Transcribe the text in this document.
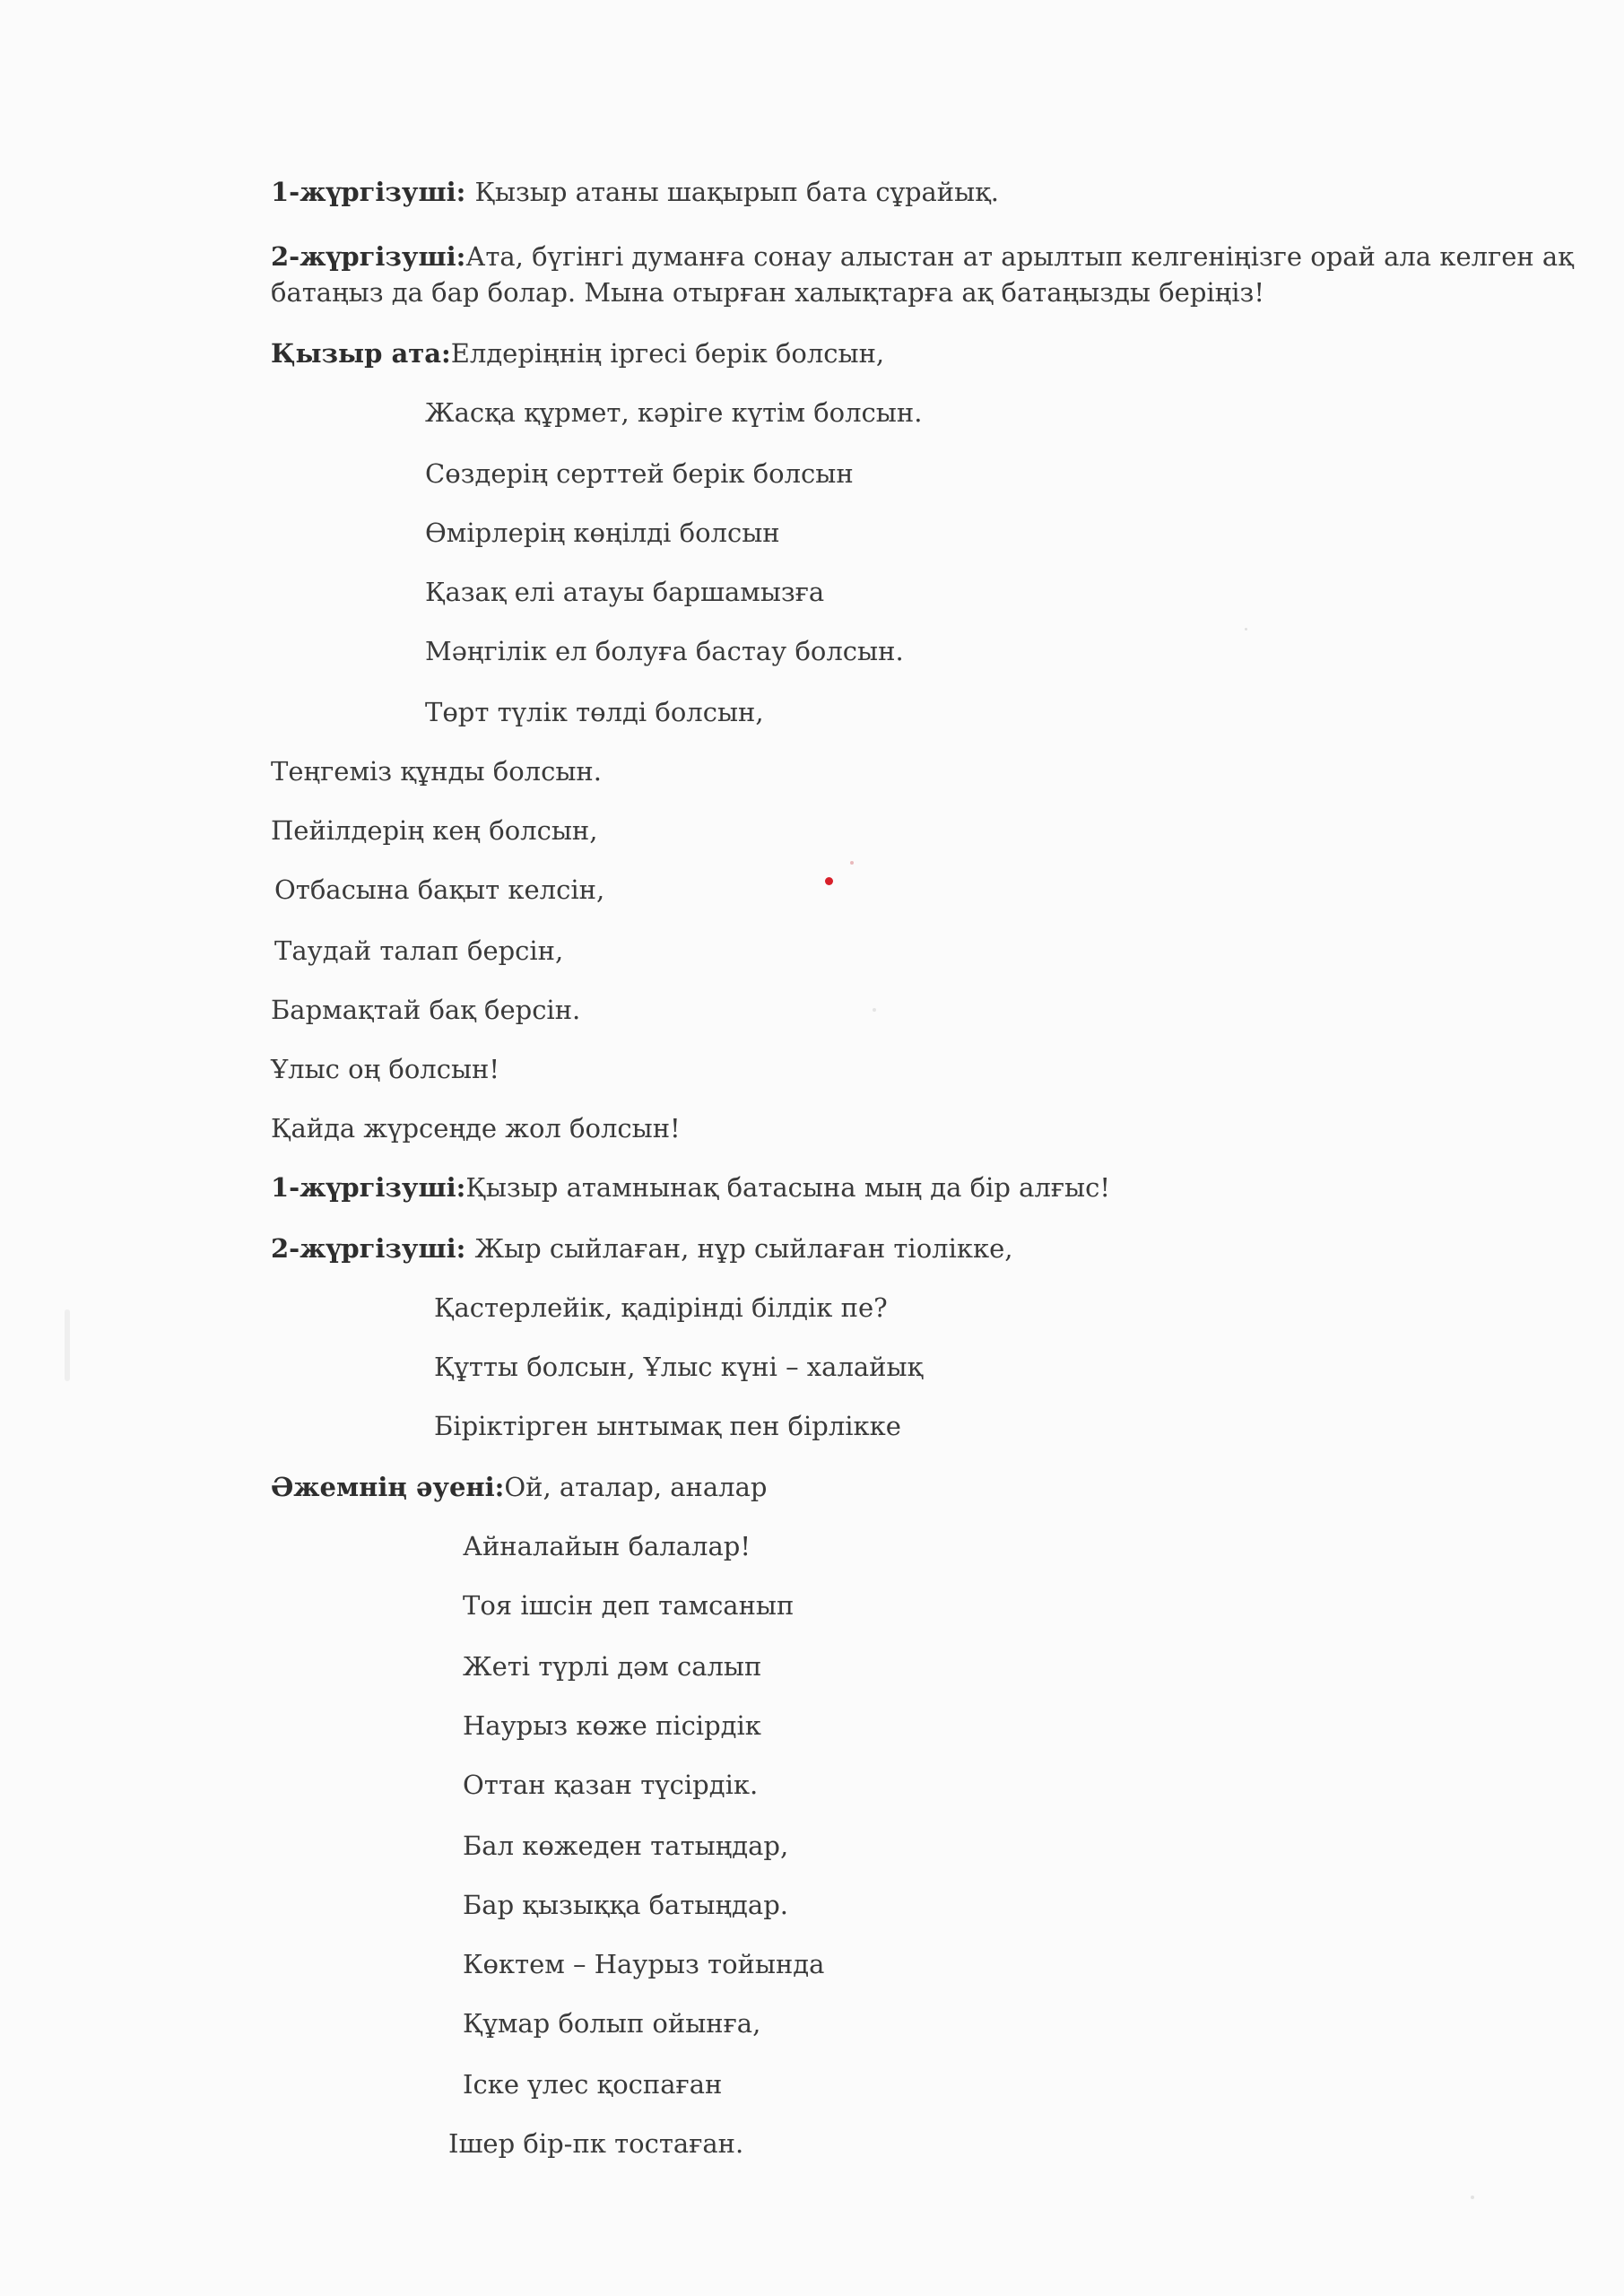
1-жүргізуші: Қызыр атаны шақырып бата сұрайық.
2-жүргізуші:Ата, бүгінгі думанға сонау алыстан ат арылтып келгеніңізге орай ала келген ақ
батаңыз да бар болар. Мына отырған халықтарға ақ батаңызды беріңіз!
Қызыр ата:Елдеріңнің іргесі берік болсын,
Жасқа құрмет, кәріге күтім болсын.
Сөздерің серттей берік болсын
Өмірлерің көңілді болсын
Қазақ елі атауы баршамызға
Мәңгілік ел болуға бастау болсын.
Төрт түлік төлді болсын,
Теңгеміз құнды болсын.
Пейілдерің кең болсын,
Отбасына бақыт келсін,
Таудай талап берсін,
Бармақтай бақ берсін.
Ұлыс оң болсын!
Қайда жүрсеңде жол болсын!
1-жүргізуші:Қызыр атамнынақ батасына мың да бір алғыс!
2-жүргізуші: Жыр сыйлаған, нұр сыйлаған тіолікке,
Қастерлейік, қадірінді білдік пе?
Құтты болсын, Ұлыс күні – халайық
Біріктірген ынтымақ пен бірлікке
Әжемнің әуені:Ой, аталар, аналар
Айналайын балалар!
Тоя ішсін деп тамсанып
Жеті түрлі дәм салып
Наурыз көже пісірдік
Оттан қазан түсірдік.
Бал көжеден татыңдар,
Бар қызыққа батыңдар.
Көктем – Наурыз тойында
Құмар болып ойынға,
Іске үлес қоспаған
Ішер бір-пк тостаған.
